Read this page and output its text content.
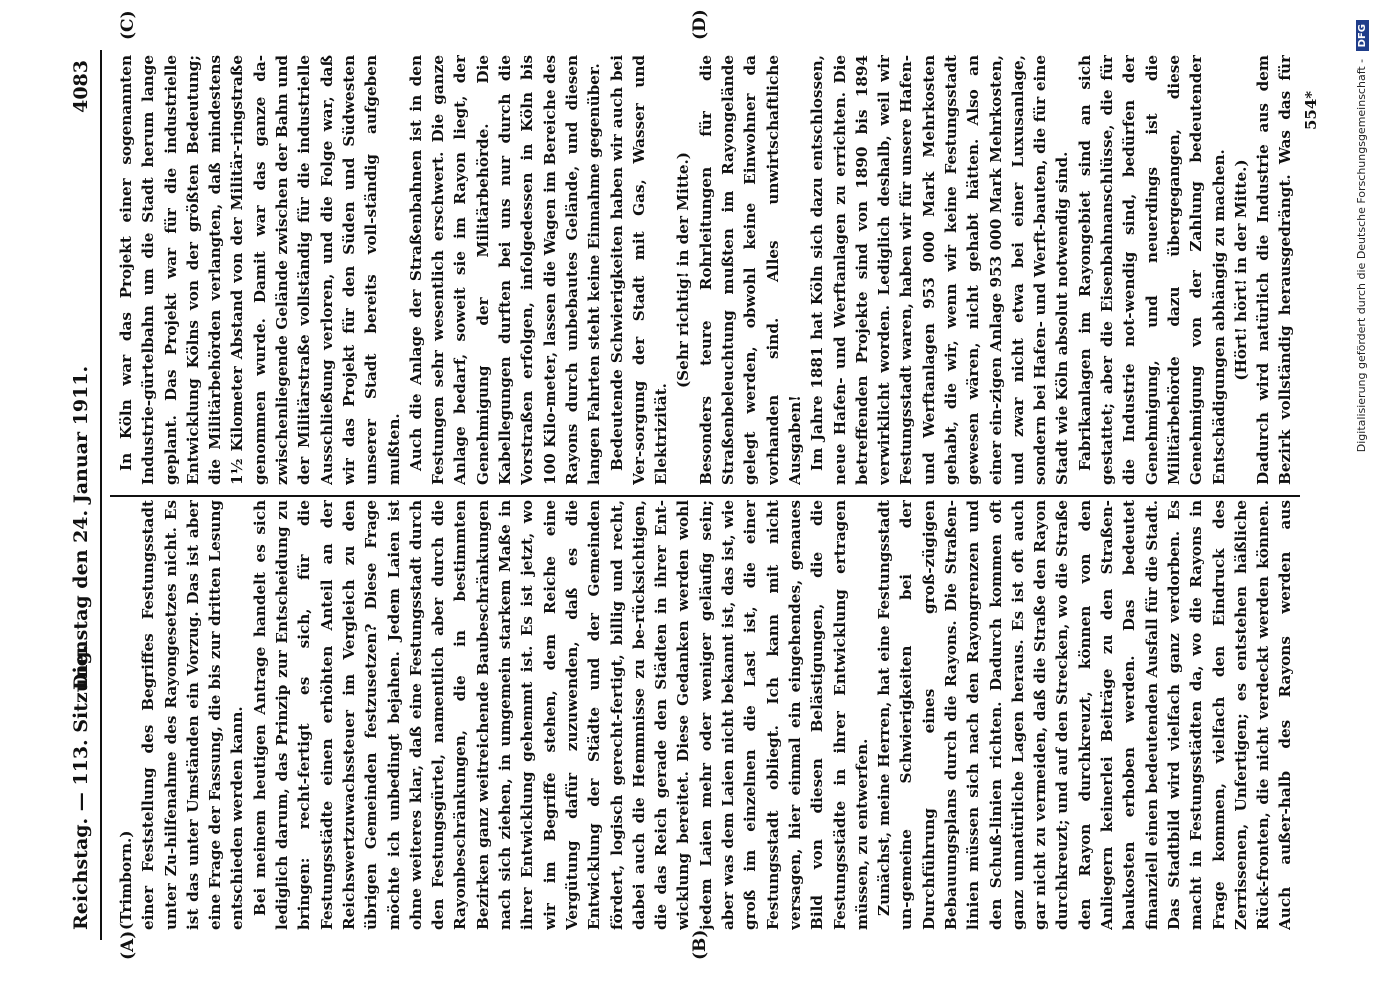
Reichstag. — 113. Sitzung.
Dienstag den 24. Januar 1911.
4083
(A)	(B)
(C)	(D)

(Trimborn.) einer Feststellung des Begriffes Festungsstadt unter Zu-hilfenahme des Rayongesetzes nicht. Es ist das unter Umständen ein Vorzug. Das ist aber eine Frage der Fassung, die bis zur dritten Lesung entschieden werden kann. Bei meinem heutigen Antrage handelt es sich lediglich darum, das Prinzip zur Entscheidung zu bringen: recht-fertigt es sich, für die Festungsstädte einen erhöhten Anteil an der Reichswertzuwachssteuer im Vergleich zu den übrigen Gemeinden festzusetzen? Diese Frage möchte ich unbedingt bejahen. Jedem Laien ist ohne weiteres klar, daß eine Festungsstadt durch den Festungsgürtel, namentlich aber durch die Rayonbeschränkungen, die in bestimmten Bezirken ganz weitreichende Baubeschränkungen nach sich ziehen, in umgemein starkem Maße in ihrer Entwicklung gehemmt ist. Es ist jetzt, wo wir im Begriffe stehen, dem Reiche eine Vergütung dafür zuzuwenden, daß es die Entwicklung der Städte und der Gemeinden fördert, logisch gerecht-fertigt, billig und recht, dabei auch die Hemmnisse zu be-rücksichtigen, die das Reich gerade den Städten in ihrer Ent-wicklung bereitet. Diese Gedanken werden wohl jedem Laien mehr oder weniger geläufig sein; aber was dem Laien nicht bekannt ist, das ist, wie groß im einzelnen die Last ist, die einer Festungsstadt obliegt. Ich kann mit nicht versagen, hier einmal ein eingehendes, genaues Bild von diesen Belästigungen, die die Festungsstädte in ihrer Entwicklung ertragen müssen, zu entwerfen. Zunächst, meine Herren, hat eine Festungsstadt un-gemeine Schwierigkeiten bei der Durchführung eines groß-zügigen Bebauungsplans durch die Rayons. Die Straßen-linien müssen sich nach den Rayongrenzen und den Schuß-linien richten. Dadurch kommen oft ganz unnatürliche Lagen heraus. Es ist oft auch gar nicht zu vermeiden, daß die Straße den Rayon durchkreuzt; und auf den Strecken, wo die Straße den Rayon durchkreuzt, können von den Anliegern keinerlei Beiträge zu den Straßen-baukosten erhoben werden. Das bedeutet finanziell einen bedeutenden Ausfall für die Stadt. Das Stadtbild wird vielfach ganz verdorben. Es macht in Festungsstädten da, wo die Rayons in Frage kommen, vielfach den Eindruck des Zerrissenen, Unfertigen; es entstehen häßliche Rück-fronten, die nicht verdeckt werden können. Auch außer-halb des Rayons werden aus

In Köln war das Projekt einer sogenannten Industrie-gürtelbahn um die Stadt herum lange geplant. Das Projekt war für die industrielle Entwicklung Kölns von der größten Bedeutung; die Militärbehörden verlangten, daß mindestens 1½ Kilometer Abstand von der Militär-ringstraße genommen wurde. Damit war das ganze da-zwischenliegende Gelände zwischen der Bahn und der Militärstraße vollständig für die industrielle Ausschließung verloren, und die Folge war, daß wir das Projekt für den Süden und Südwesten unserer Stadt bereits voll-ständig aufgeben mußten. Auch die Anlage der Straßenbahnen ist in den Festungen sehr wesentlich erschwert. Die ganze Anlage bedarf, soweit sie im Rayon liegt, der Genehmigung der Militärbehörde. Die Kabellegungen durften bei uns nur durch die Vorstraßen erfolgen, infolgedessen in Köln bis 100 Kilo-meter, lassen die Wagen im Bereiche des Rayons durch unbebautes Gelände, und diesen langen Fahrten steht keine Einnahme gegenüber. Bedeutende Schwierigkeiten haben wir auch bei Ver-sorgung der Stadt mit Gas, Wasser und Elektrizität.

(Sehr richtig! in der Mitte.) Besonders teure Rohrleitungen für die Straßenbeleuchtung mußten im Rayongelände gelegt werden, obwohl keine Einwohner da vorhanden sind. Alles unwirtschaftliche Ausgaben! Im Jahre 1881 hat Köln sich dazu entschlossen, neue Hafen- und Werftanlagen zu errichten. Die betreffenden Projekte sind von 1890 bis 1894 verwirklicht worden. Lediglich deshalb, weil wir Festungsstadt waren, haben wir für unsere Hafen- und Werftanlagen 953 000 Mark Mehrkosten gehabt, die wir, wenn wir keine Festungsstadt gewesen wären, nicht gehabt hätten. Also an einer ein-zigen Anlage 953 000 Mark Mehrkosten, und zwar nicht etwa bei einer Luxusanlage, sondern bei Hafen- und Werft-bauten, die für eine Stadt wie Köln absolut notwendig sind. Fabrikanlagen im Rayongebiet sind an sich gestattet; aber die Eisenbahnanschlüsse, die für die Industrie not-wendig sind, bedürfen der Genehmigung, und neuerdings ist die Militärbehörde dazu übergegangen, diese Genehmigung von der Zahlung bedeutender Entschädigungen abhängig zu machen. (Hört! hört! in der Mitte.)

Dadurch wird natürlich die Industrie aus dem Bezirk vollständig herausgedrängt. Was das für

554*	Digitalisierung gefördert durch die Deutsche Forschungsgemeinschaft - DFG
